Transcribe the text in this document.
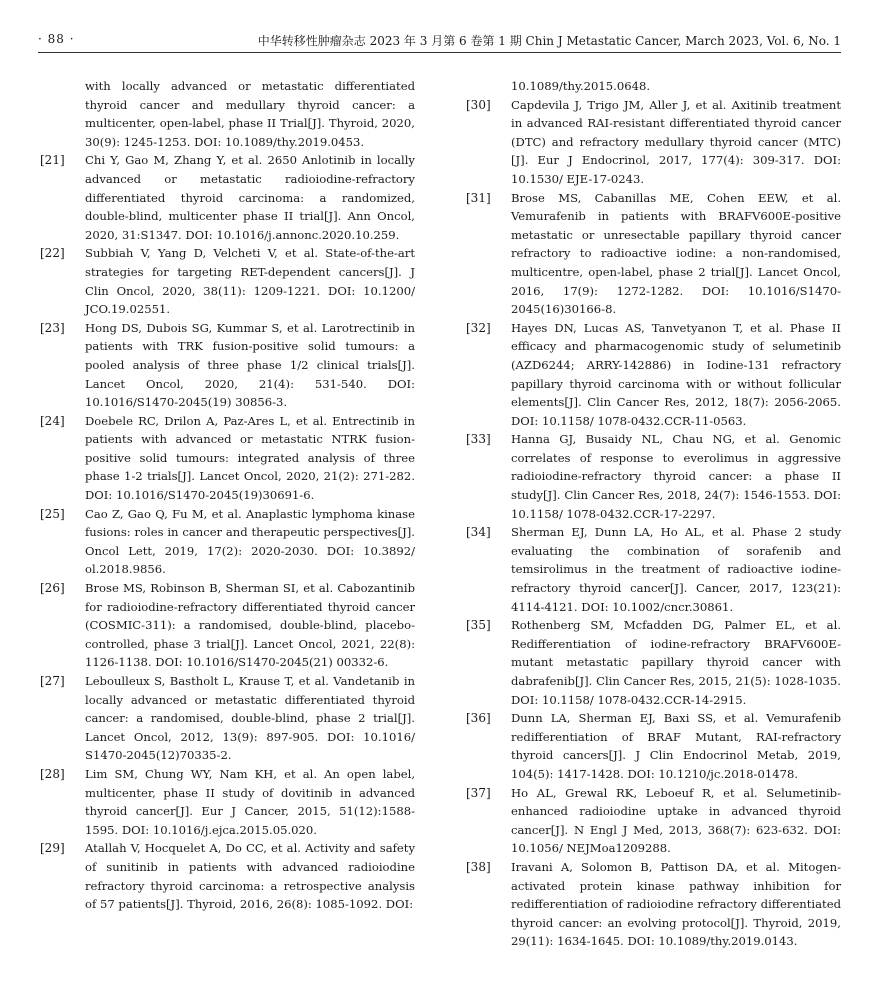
· 88 ·	中华转移性肿瘤杂志 2023 年 3 月第 6 卷第 1 期 Chin J Metastatic Cancer, March 2023, Vol. 6, No. 1
with locally advanced or metastatic differentiated thyroid cancer and medullary thyroid cancer: a multicenter, open-label, phase II Trial[J]. Thyroid, 2020, 30(9): 1245-1253. DOI: 10.1089/thy.2019.0453.
[21] Chi Y, Gao M, Zhang Y, et al. 2650 Anlotinib in locally advanced or metastatic radioiodine-refractory differentiated thyroid carcinoma: a randomized, double-blind, multicenter phase II trial[J]. Ann Oncol, 2020, 31:S1347. DOI: 10.1016/j.annonc.2020.10.259.
[22] Subbiah V, Yang D, Velcheti V, et al. State-of-the-art strategies for targeting RET-dependent cancers[J]. J Clin Oncol, 2020, 38(11): 1209-1221. DOI: 10.1200/ JCO.19.02551.
[23] Hong DS, Dubois SG, Kummar S, et al. Larotrectinib in patients with TRK fusion-positive solid tumours: a pooled analysis of three phase 1/2 clinical trials[J]. Lancet Oncol, 2020, 21(4): 531-540. DOI: 10.1016/S1470-2045(19) 30856-3.
[24] Doebele RC, Drilon A, Paz-Ares L, et al. Entrectinib in patients with advanced or metastatic NTRK fusion-positive solid tumours: integrated analysis of three phase 1-2 trials[J]. Lancet Oncol, 2020, 21(2): 271-282. DOI: 10.1016/S1470-2045(19)30691-6.
[25] Cao Z, Gao Q, Fu M, et al. Anaplastic lymphoma kinase fusions: roles in cancer and therapeutic perspectives[J]. Oncol Lett, 2019, 17(2): 2020-2030. DOI: 10.3892/ ol.2018.9856.
[26] Brose MS, Robinson B, Sherman SI, et al. Cabozantinib for radioiodine-refractory differentiated thyroid cancer (COSMIC-311): a randomised, double-blind, placebo-controlled, phase 3 trial[J]. Lancet Oncol, 2021, 22(8): 1126-1138. DOI: 10.1016/S1470-2045(21) 00332-6.
[27] Leboulleux S, Bastholt L, Krause T, et al. Vandetanib in locally advanced or metastatic differentiated thyroid cancer: a randomised, double-blind, phase 2 trial[J]. Lancet Oncol, 2012, 13(9): 897-905. DOI: 10.1016/ S1470-2045(12)70335-2.
[28] Lim SM, Chung WY, Nam KH, et al. An open label, multicenter, phase II study of dovitinib in advanced thyroid cancer[J]. Eur J Cancer, 2015, 51(12):1588-1595. DOI: 10.1016/j.ejca.2015.05.020.
[29] Atallah V, Hocquelet A, Do CC, et al. Activity and safety of sunitinib in patients with advanced radioiodine refractory thyroid carcinoma: a retrospective analysis of 57 patients[J]. Thyroid, 2016, 26(8): 1085-1092. DOI:
10.1089/thy.2015.0648.
[30] Capdevila J, Trigo JM, Aller J, et al. Axitinib treatment in advanced RAI-resistant differentiated thyroid cancer (DTC) and refractory medullary thyroid cancer (MTC) [J]. Eur J Endocrinol, 2017, 177(4): 309-317. DOI: 10.1530/ EJE-17-0243.
[31] Brose MS, Cabanillas ME, Cohen EEW, et al. Vemurafenib in patients with BRAFV600E-positive metastatic or unresectable papillary thyroid cancer refractory to radioactive iodine: a non-randomised, multicentre, open-label, phase 2 trial[J]. Lancet Oncol, 2016, 17(9): 1272-1282. DOI: 10.1016/S1470-2045(16)30166-8.
[32] Hayes DN, Lucas AS, Tanvetyanon T, et al. Phase II efficacy and pharmacogenomic study of selumetinib (AZD6244; ARRY-142886) in Iodine-131 refractory papillary thyroid carcinoma with or without follicular elements[J]. Clin Cancer Res, 2012, 18(7): 2056-2065. DOI: 10.1158/ 1078-0432.CCR-11-0563.
[33] Hanna GJ, Busaidy NL, Chau NG, et al. Genomic correlates of response to everolimus in aggressive radioiodine-refractory thyroid cancer: a phase II study[J]. Clin Cancer Res, 2018, 24(7): 1546-1553. DOI: 10.1158/ 1078-0432.CCR-17-2297.
[34] Sherman EJ, Dunn LA, Ho AL, et al. Phase 2 study evaluating the combination of sorafenib and temsirolimus in the treatment of radioactive iodine-refractory thyroid cancer[J]. Cancer, 2017, 123(21): 4114-4121. DOI: 10.1002/cncr.30861.
[35] Rothenberg SM, Mcfadden DG, Palmer EL, et al. Redifferentiation of iodine-refractory BRAFV600E-mutant metastatic papillary thyroid cancer with dabrafenib[J]. Clin Cancer Res, 2015, 21(5): 1028-1035. DOI: 10.1158/ 1078-0432.CCR-14-2915.
[36] Dunn LA, Sherman EJ, Baxi SS, et al. Vemurafenib redifferentiation of BRAF Mutant, RAI-refractory thyroid cancers[J]. J Clin Endocrinol Metab, 2019, 104(5): 1417-1428. DOI: 10.1210/jc.2018-01478.
[37] Ho AL, Grewal RK, Leboeuf R, et al. Selumetinib-enhanced radioiodine uptake in advanced thyroid cancer[J]. N Engl J Med, 2013, 368(7): 623-632. DOI: 10.1056/ NEJMoa1209288.
[38] Iravani A, Solomon B, Pattison DA, et al. Mitogen-activated protein kinase pathway inhibition for redifferentiation of radioiodine refractory differentiated thyroid cancer: an evolving protocol[J]. Thyroid, 2019, 29(11): 1634-1645. DOI: 10.1089/thy.2019.0143.
